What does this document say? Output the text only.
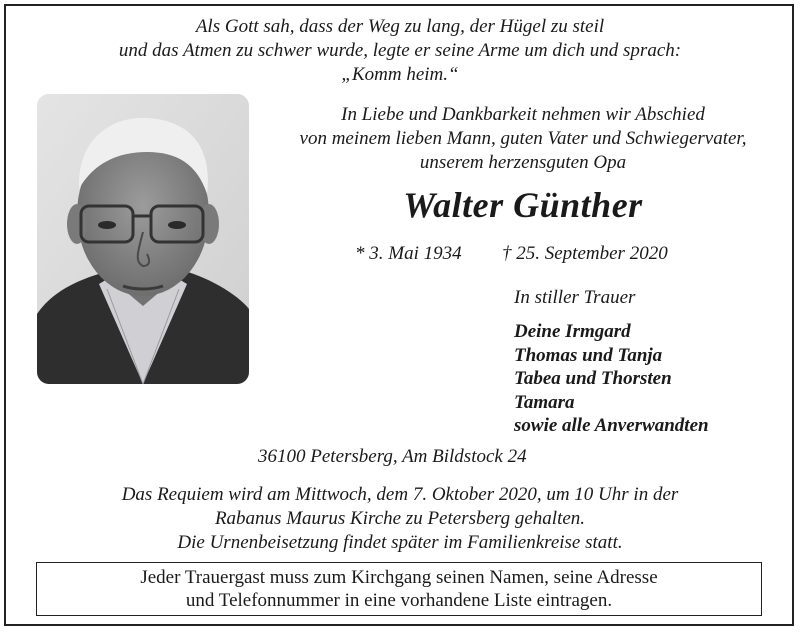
Als Gott sah, dass der Weg zu lang, der Hügel zu steil
und das Atmen zu schwer wurde, legte er seine Arme um dich und sprach:
„Komm heim.“
In Liebe und Dankbarkeit nehmen wir Abschied
von meinem lieben Mann, guten Vater und Schwiegervater,
unserem herzensguten Opa
Walter Günther
* 3. Mai 1934 † 25. September 2020
In stiller Trauer
Deine Irmgard
Thomas und Tanja
Tabea und Thorsten
Tamara
sowie alle Anverwandten
36100 Petersberg, Am Bildstock 24
Das Requiem wird am Mittwoch, dem 7. Oktober 2020, um 10 Uhr in der
Rabanus Maurus Kirche zu Petersberg gehalten.
Die Urnenbeisetzung findet später im Familienkreise statt.
Jeder Trauergast muss zum Kirchgang seinen Namen, seine Adresse
und Telefonnummer in eine vorhandene Liste eintragen.
